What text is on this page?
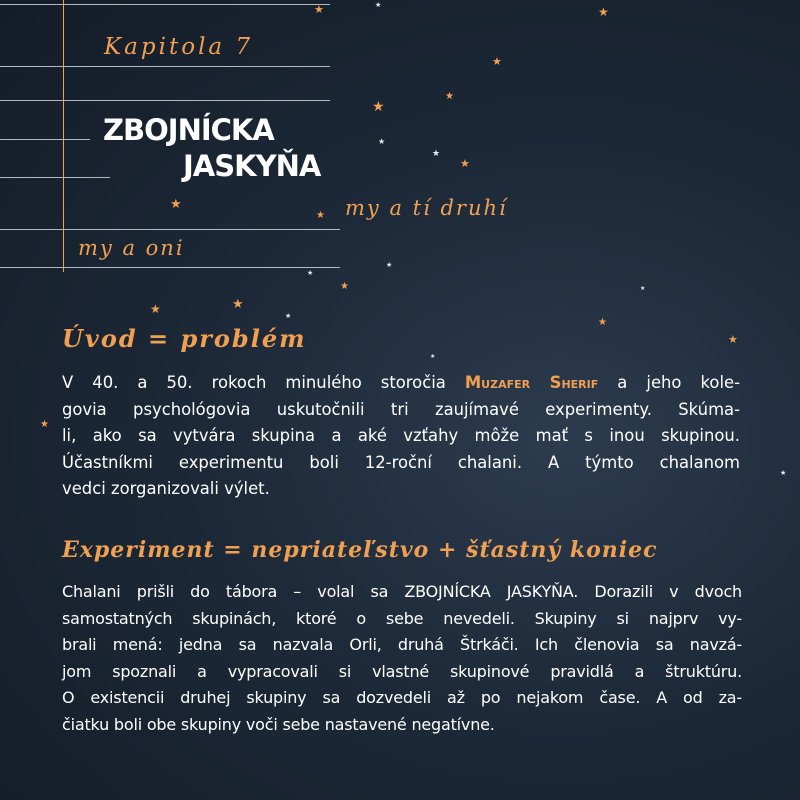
Kapitola 7

ZBOJNÍCKA
JASKYŇA

my a tí druhí

my a oni

★	★	★
★
★
★
★
★
★
★
★
★
★
★
★
★	★
★
★
★
★
★
★
Úvod = problém
V 40. a 50. rokoch minulého storočia Muzafer Sherif a jeho kole-
govia psychológovia uskutočnili tri zaujímavé experimenty. Skúma-
li, ako sa vytvára skupina a aké vzťahy môže mať s inou skupinou.
Účastníkmi experimentu boli 12-roční chalani. A týmto chalanom
vedci zorganizovali výlet.
Experiment = nepriateľstvo + šťastný koniec
Chalani prišli do tábora – volal sa ZBOJNÍCKA JASKYŇA. Dorazili v dvoch
samostatných skupinách, ktoré o sebe nevedeli. Skupiny si najprv vy-
brali mená: jedna sa nazvala Orli, druhá Štrkáči. Ich členovia sa navzá-
jom spoznali a vypracovali si vlastné skupinové pravidlá a štruktúru.
O existencii druhej skupiny sa dozvedeli až po nejakom čase. A od za-
čiatku boli obe skupiny voči sebe nastavené negatívne.
